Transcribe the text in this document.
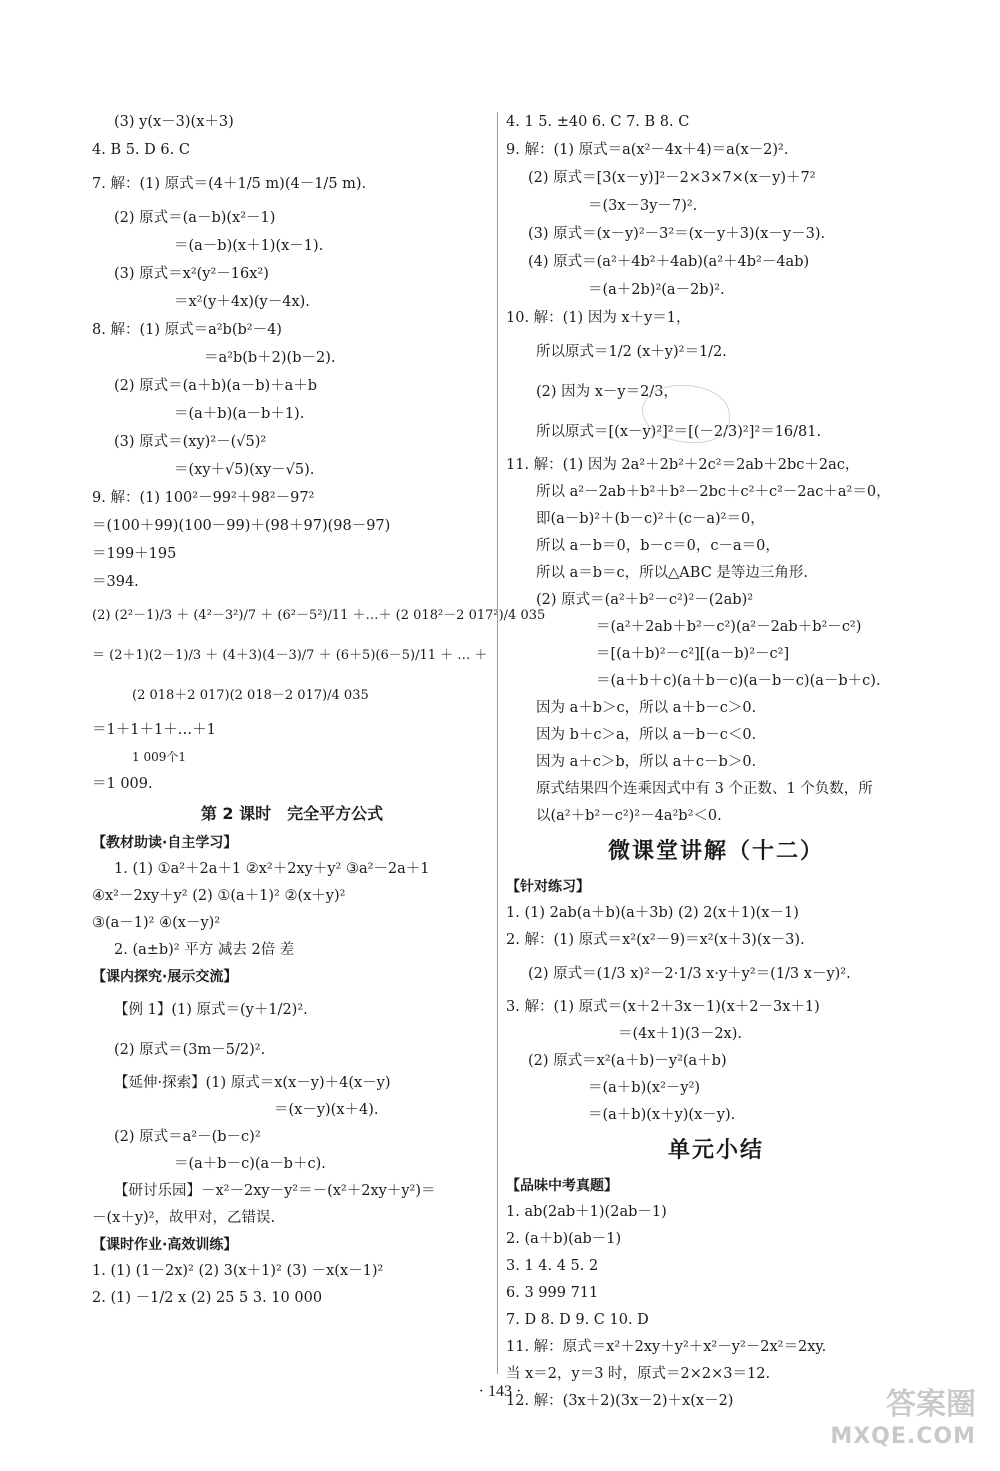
(3) y(x－3)(x＋3)
4. B 5. D 6. C
7. 解：(1) 原式＝(4＋1/5 m)(4－1/5 m).
(2) 原式＝(a－b)(x²－1)
＝(a－b)(x＋1)(x－1).
(3) 原式＝x²(y²－16x²)
＝x²(y＋4x)(y－4x).
8. 解：(1) 原式＝a²b(b²－4)
＝a²b(b＋2)(b－2).
(2) 原式＝(a＋b)(a－b)＋a＋b
＝(a＋b)(a－b＋1).
(3) 原式＝(xy)²－(√5)²
＝(xy＋√5)(xy－√5).
9. 解：(1) 100²－99²＋98²－97²
＝(100＋99)(100－99)＋(98＋97)(98－97)
＝199＋195
＝394.
(2) (2²－1)/3 ＋ (4²－3²)/7 ＋ (6²－5²)/11 ＋…＋ (2 018²－2 017²)/4 035
＝ (2＋1)(2－1)/3 ＋ (4＋3)(4－3)/7 ＋ (6＋5)(6－5)/11 ＋ … ＋
(2 018＋2 017)(2 018－2 017)/4 035
＝1＋1＋1＋…＋1
1 009个1
＝1 009.
第 2 课时　完全平方公式
【教材助读·自主学习】
1. (1) ①a²＋2a＋1 ②x²＋2xy＋y² ③a²－2a＋1
④x²－2xy＋y² (2) ①(a＋1)² ②(x＋y)²
③(a－1)² ④(x－y)²
2. (a±b)² 平方 减去 2倍 差
【课内探究·展示交流】
【例 1】(1) 原式＝(y＋1/2)².
(2) 原式＝(3m－5/2)².
【延伸·探索】(1) 原式＝x(x－y)＋4(x－y)
＝(x－y)(x＋4).
(2) 原式＝a²－(b－c)²
＝(a＋b－c)(a－b＋c).
【研讨乐园】－x²－2xy－y²＝－(x²＋2xy＋y²)＝
－(x＋y)²，故甲对，乙错误.
【课时作业·高效训练】
1. (1) (1－2x)² (2) 3(x＋1)² (3) －x(x－1)²
2. (1) －1/2 x (2) 25 5 3. 10 000
4. 1 5. ±40 6. C 7. B 8. C
9. 解：(1) 原式＝a(x²－4x＋4)＝a(x－2)².
(2) 原式＝[3(x－y)]²－2×3×7×(x－y)＋7²
＝(3x－3y－7)².
(3) 原式＝(x－y)²－3²＝(x－y＋3)(x－y－3).
(4) 原式＝(a²＋4b²＋4ab)(a²＋4b²－4ab)
＝(a＋2b)²(a－2b)².
10. 解：(1) 因为 x＋y＝1，
所以原式＝1/2 (x＋y)²＝1/2.
(2) 因为 x－y＝2/3，
所以原式＝[(x－y)²]²＝[(－2/3)²]²＝16/81.
11. 解：(1) 因为 2a²＋2b²＋2c²＝2ab＋2bc＋2ac，
所以 a²－2ab＋b²＋b²－2bc＋c²＋c²－2ac＋a²＝0，
即(a－b)²＋(b－c)²＋(c－a)²＝0，
所以 a－b＝0，b－c＝0，c－a＝0，
所以 a＝b＝c，所以△ABC 是等边三角形.
(2) 原式＝(a²＋b²－c²)²－(2ab)²
＝(a²＋2ab＋b²－c²)(a²－2ab＋b²－c²)
＝[(a＋b)²－c²][(a－b)²－c²]
＝(a＋b＋c)(a＋b－c)(a－b－c)(a－b＋c).
因为 a＋b＞c，所以 a＋b－c＞0.
因为 b＋c＞a，所以 a－b－c＜0.
因为 a＋c＞b，所以 a＋c－b＞0.
原式结果四个连乘因式中有 3 个正数、1 个负数，所
以(a²＋b²－c²)²－4a²b²＜0.
微课堂讲解（十二）
【针对练习】
1. (1) 2ab(a＋b)(a＋3b) (2) 2(x＋1)(x－1)
2. 解：(1) 原式＝x²(x²－9)＝x²(x＋3)(x－3).
(2) 原式＝(1/3 x)²－2·1/3 x·y＋y²＝(1/3 x－y)².
3. 解：(1) 原式＝(x＋2＋3x－1)(x＋2－3x＋1)
＝(4x＋1)(3－2x).
(2) 原式＝x²(a＋b)－y²(a＋b)
＝(a＋b)(x²－y²)
＝(a＋b)(x＋y)(x－y).
单元小结
【品味中考真题】
1. ab(2ab＋1)(2ab－1)
2. (a＋b)(ab－1)
3. 1 4. 4 5. 2
6. 3 999 711
7. D 8. D 9. C 10. D
11. 解：原式＝x²＋2xy＋y²＋x²－y²－2x²＝2xy.
当 x＝2，y＝3 时，原式＝2×2×3＝12.
12. 解：(3x＋2)(3x－2)＋x(x－2)
· 143 ·	答案圈
MXQE.COM
